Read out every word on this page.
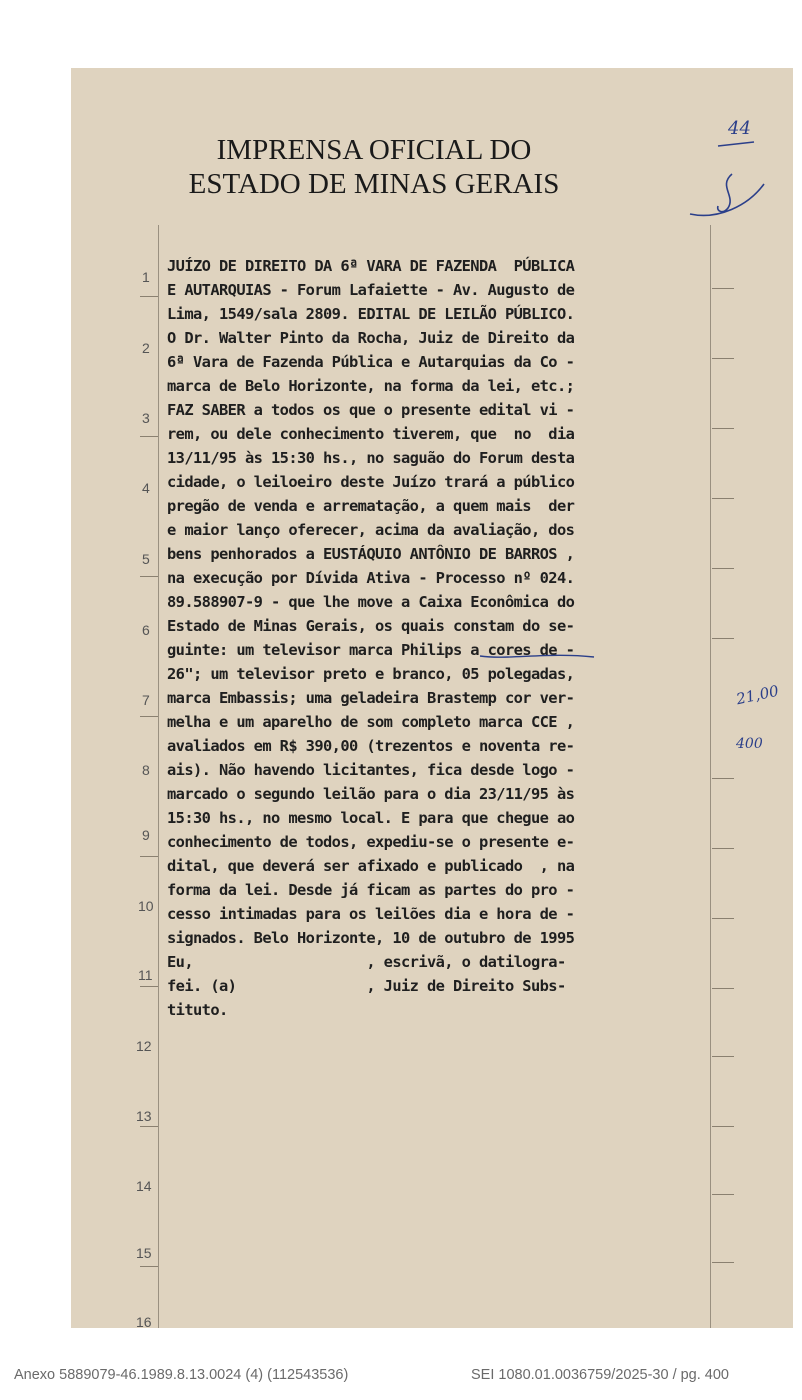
IMPRENSA OFICIAL DO
ESTADO DE MINAS GERAIS
44
1
2
3
4
5
6
7
8
9
10
11
12
13
14
15
16
JUÍZO DE DIREITO DA 6ª VARA DE FAZENDA  PÚBLICA
E AUTARQUIAS - Forum Lafaiette - Av. Augusto de
Lima, 1549/sala 2809. EDITAL DE LEILÃO PÚBLICO.
O Dr. Walter Pinto da Rocha, Juiz de Direito da
6ª Vara de Fazenda Pública e Autarquias da Co -
marca de Belo Horizonte, na forma da lei, etc.;
FAZ SABER a todos os que o presente edital vi -
rem, ou dele conhecimento tiverem, que  no  dia
13/11/95 às 15:30 hs., no saguão do Forum desta
cidade, o leiloeiro deste Juízo trará a público
pregão de venda e arrematação, a quem mais  der
e maior lanço oferecer, acima da avaliação, dos
bens penhorados a EUSTÁQUIO ANTÔNIO DE BARROS ,
na execução por Dívida Ativa - Processo nº 024.
89.588907-9 - que lhe move a Caixa Econômica do
Estado de Minas Gerais, os quais constam do se-
guinte: um televisor marca Philips a cores de -
26"; um televisor preto e branco, 05 polegadas,
marca Embassis; uma geladeira Brastemp cor ver-
melha e um aparelho de som completo marca CCE ,
avaliados em R$ 390,00 (trezentos e noventa re-
ais). Não havendo licitantes, fica desde logo -
marcado o segundo leilão para o dia 23/11/95 às
15:30 hs., no mesmo local. E para que chegue ao
conhecimento de todos, expediu-se o presente e-
dital, que deverá ser afixado e publicado  , na
forma da lei. Desde já ficam as partes do pro -
cesso intimadas para os leilões dia e hora de -
signados. Belo Horizonte, 10 de outubro de 1995
Eu,                    , escrivã, o datilogra-
fei. (a)               , Juiz de Direito Subs-
tituto.
21,00
400
Anexo 5889079-46.1989.8.13.0024 (4) (112543536)	SEI 1080.01.0036759/2025-30 / pg. 400
